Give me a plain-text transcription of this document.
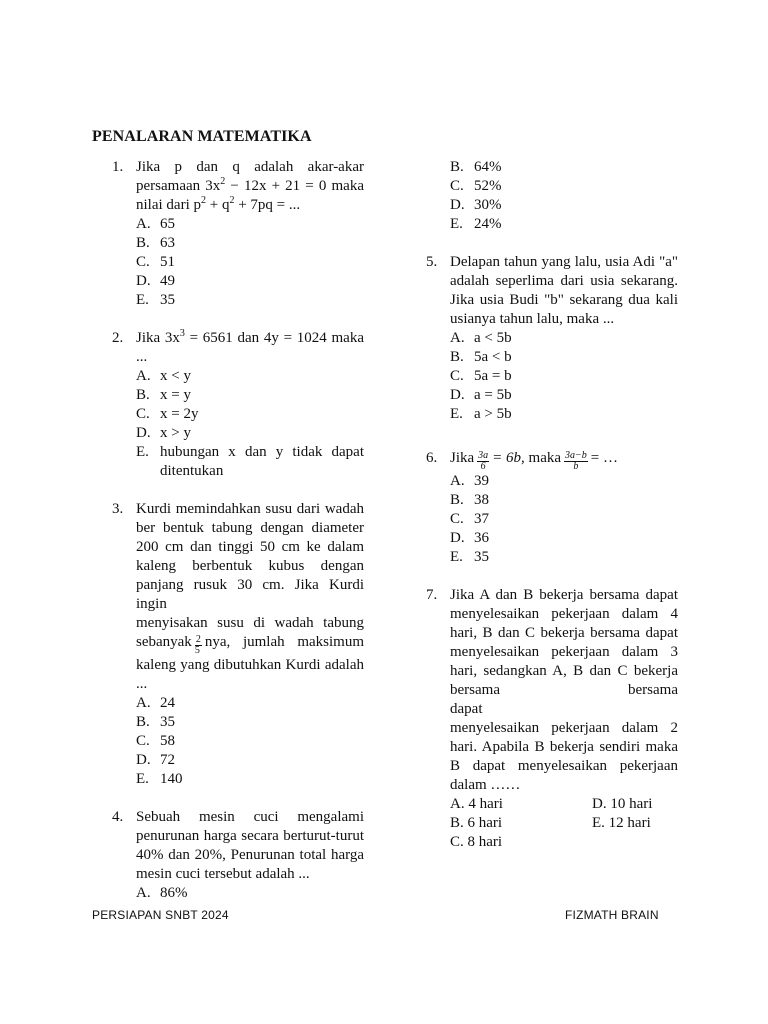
PENALARAN MATEMATIKA
1. Jika p dan q adalah akar-akar

persamaan $3x^2 - 12x + 21 = 0$ maka

nilai dari $p^2 + q^2 + 7pq$ = ...

A. 65
B. 63
C. 51
D. 49
E. 35
2. Jika $3x^3 = 6561$ dan 4y = 1024 maka

...

A. x < y
B. x = y
C. x = 2y
D. x > y
E. hubungan x dan y tidak dapat ditentukan
3. Kurdi memindahkan susu dari wadah

ber bentuk tabung dengan diameter

200 cm dan tinggi 50 cm ke dalam

kaleng berbentuk kubus dengan

panjang rusuk 30 cm. Jika Kurdi ingin

menyisakan susu di wadah tabung

sebanyak $\frac{2}{5}$ nya, jumlah maksimum

kaleng yang dibutuhkan Kurdi adalah

...

A. 24
B. 35
C. 58
D. 72
E. 140
4. Sebuah mesin cuci mengalami

penurunan harga secara berturut-turut

40% dan 20%, Penurunan total harga

mesin cuci tersebut adalah ...

A. 86%
B. 64%
C. 52%
D. 30%
E. 24%
5. Delapan tahun yang lalu, usia Adi "a"

adalah seperlima dari usia sekarang.

Jika usia Budi "b" sekarang dua kali

usianya tahun lalu, maka ...

A. a < 5b
B. 5a < b
C. 5a = b
D. a = 5b
E. a > 5b
6. Jika $\frac{3a}{6} = 6b$, maka $\frac{3a-b}{b}$ = …

A. 39
B. 38
C. 37
D. 36
E. 35
7. Jika A dan B bekerja bersama dapat

menyelesaikan pekerjaan dalam 4

hari, B dan C bekerja bersama dapat

menyelesaikan pekerjaan dalam 3

hari, sedangkan A, B dan C bekerja

bersama bersama dapat

menyelesaikan pekerjaan dalam 2

hari. Apabila B bekerja sendiri maka

B dapat menyelesaikan pekerjaan

dalam ……

A. 4 hari	D. 10 hari
B. 6 hari	E. 12 hari
C. 8 hari
PERSIAPAN SNBT 2024	FIZMATH BRAIN
